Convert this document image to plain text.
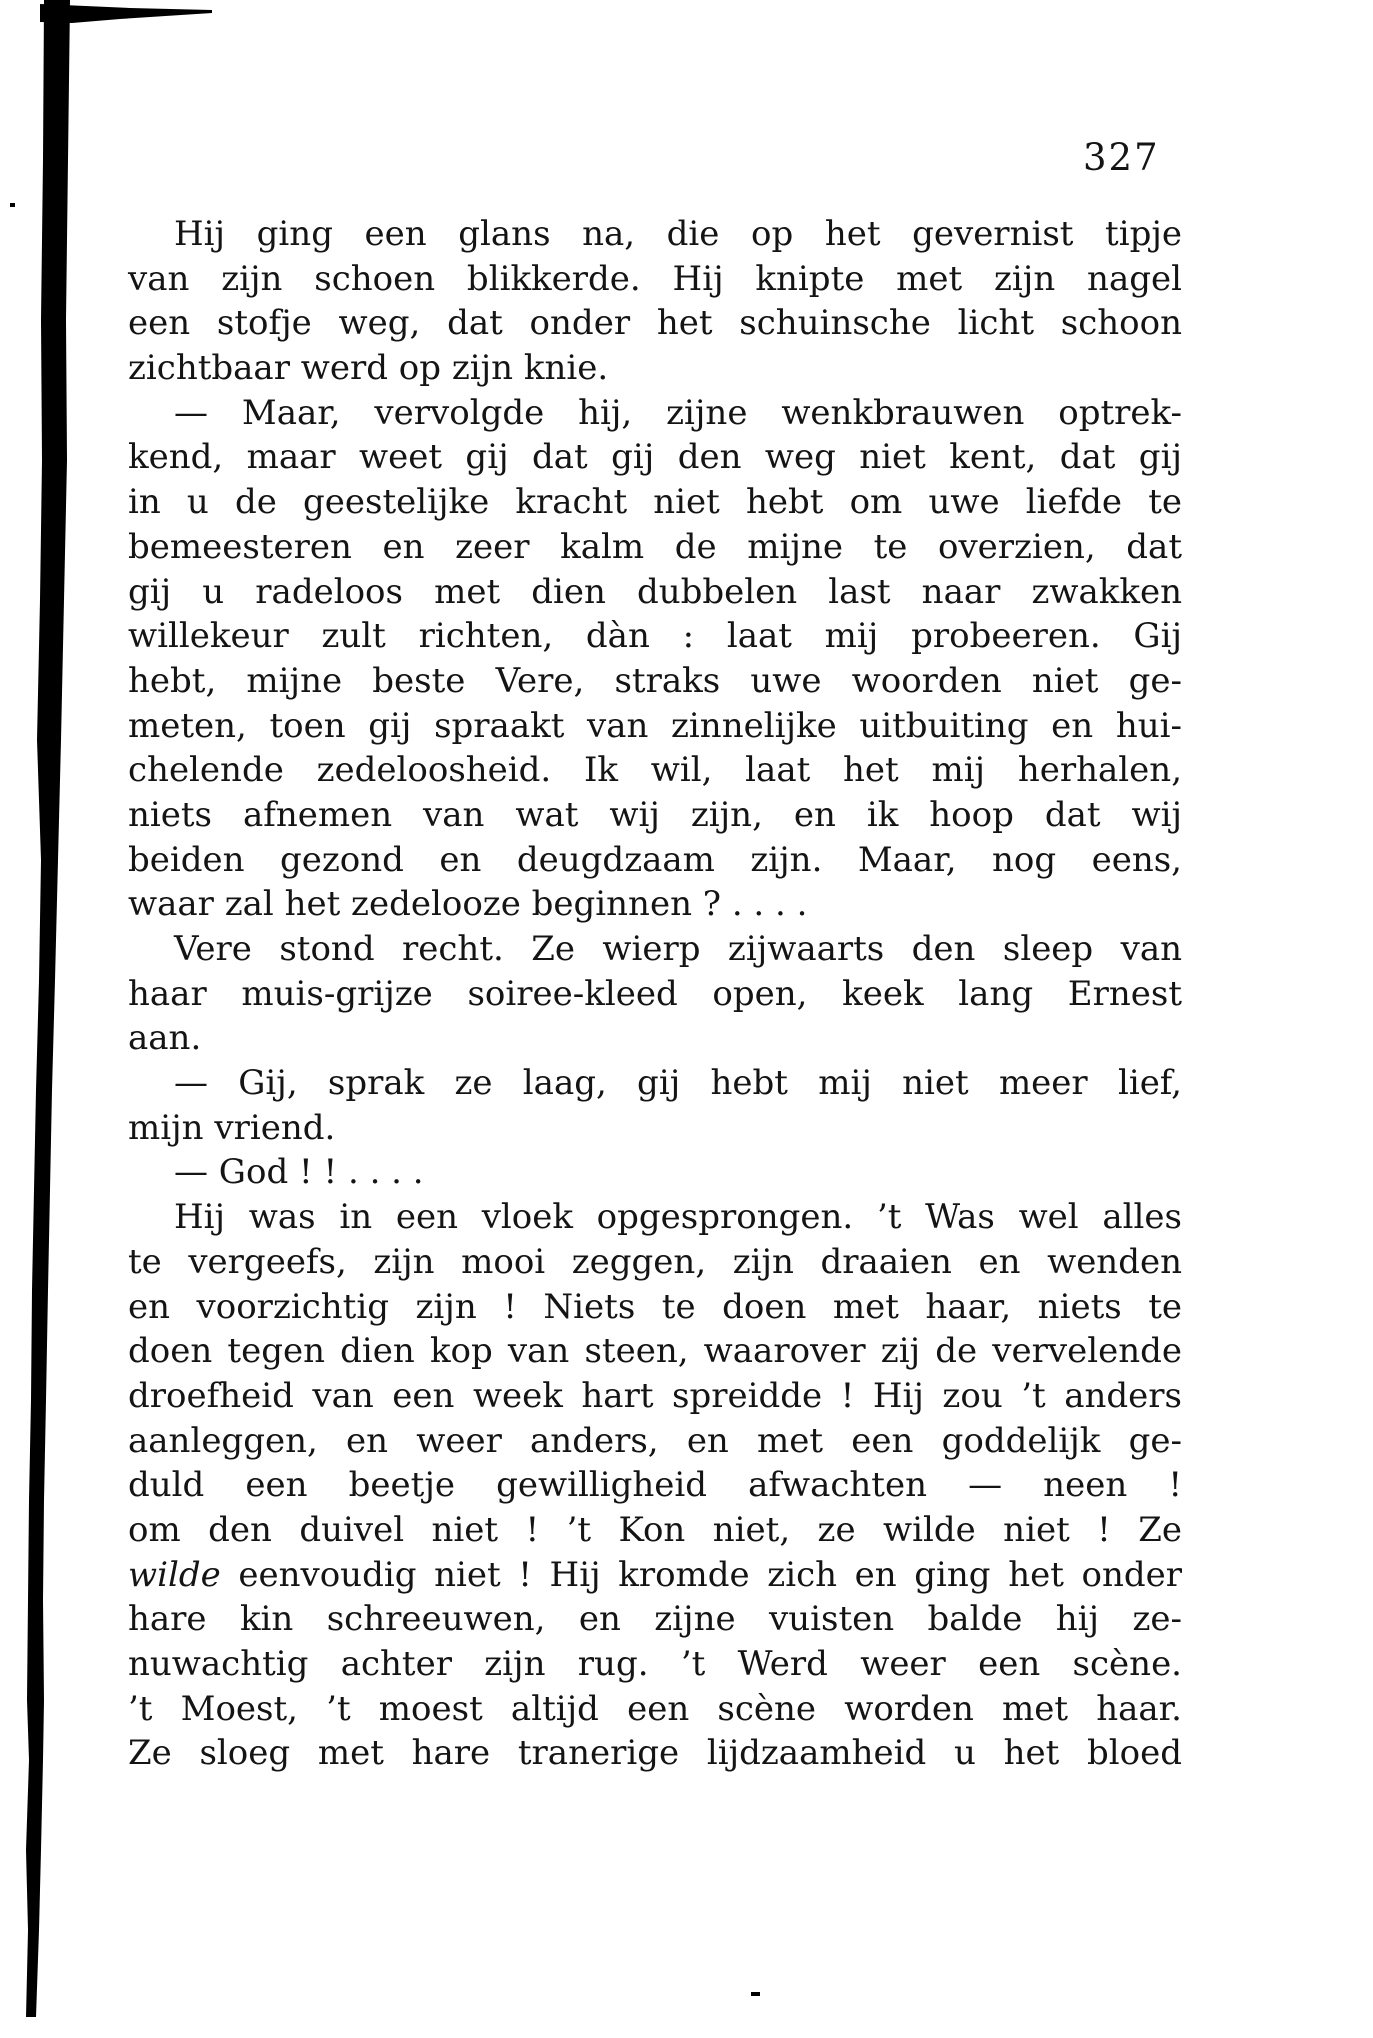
327
Hij ging een glans na, die op het gevernist tipje
van zijn schoen blikkerde. Hij knipte met zijn nagel
een stofje weg, dat onder het schuinsche licht schoon
zichtbaar werd op zijn knie.
— Maar, vervolgde hij, zijne wenkbrauwen optrek-
kend, maar weet gij dat gij den weg niet kent, dat gij
in u de geestelijke kracht niet hebt om uwe liefde te
bemeesteren en zeer kalm de mijne te overzien, dat
gij u radeloos met dien dubbelen last naar zwakken
willekeur zult richten, dàn : laat mij probeeren. Gij
hebt, mijne beste Vere, straks uwe woorden niet ge-
meten, toen gij spraakt van zinnelijke uitbuiting en hui-
chelende zedeloosheid. Ik wil, laat het mij herhalen,
niets afnemen van wat wij zijn, en ik hoop dat wij
beiden gezond en deugdzaam zijn. Maar, nog eens,
waar zal het zedelooze beginnen ? . . . .
Vere stond recht. Ze wierp zijwaarts den sleep van
haar muis-grijze soiree-kleed open, keek lang Ernest
aan.
— Gij, sprak ze laag, gij hebt mij niet meer lief,
mijn vriend.
— God ! ! . . . .
Hij was in een vloek opgesprongen. ’t Was wel alles
te vergeefs, zijn mooi zeggen, zijn draaien en wenden
en voorzichtig zijn ! Niets te doen met haar, niets te
doen tegen dien kop van steen, waarover zij de vervelende
droefheid van een week hart spreidde ! Hij zou ’t anders
aanleggen, en weer anders, en met een goddelijk ge-
duld een beetje gewilligheid afwachten — neen !
om den duivel niet ! ’t Kon niet, ze wilde niet ! Ze
wilde eenvoudig niet ! Hij kromde zich en ging het onder
hare kin schreeuwen, en zijne vuisten balde hij ze-
nuwachtig achter zijn rug. ’t Werd weer een scène.
’t Moest, ’t moest altijd een scène worden met haar.
Ze sloeg met hare tranerige lijdzaamheid u het bloed
